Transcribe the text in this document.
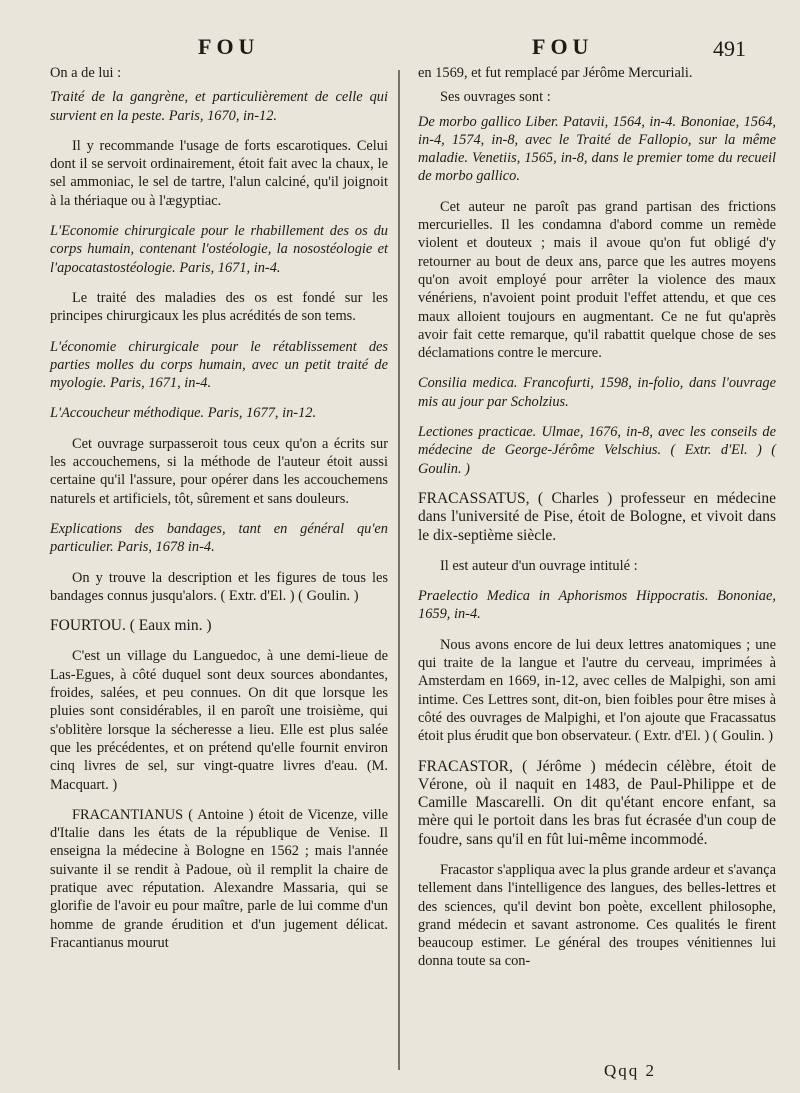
FOU	FOU	491

On a de lui :

Traité de la gangrène, et particulièrement de celle qui survient en la peste. Paris, 1670, in-12.

Il y recommande l'usage de forts escarotiques. Celui dont il se servoit ordinairement, étoit fait avec la chaux, le sel ammoniac, le sel de tartre, l'alun calciné, qu'il joignoit à la thériaque ou à l'ægyptiac.

L'Economie chirurgicale pour le rhabillement des os du corps humain, contenant l'ostéologie, la nosostéologie et l'apocatastostéologie. Paris, 1671, in-4.

Le traité des maladies des os est fondé sur les principes chirurgicaux les plus acrédités de son tems.

L'économie chirurgicale pour le rétablissement des parties molles du corps humain, avec un petit traité de myologie. Paris, 1671, in-4.

L'Accoucheur méthodique. Paris, 1677, in-12.

Cet ouvrage surpasseroit tous ceux qu'on a écrits sur les accouchemens, si la méthode de l'auteur étoit aussi certaine qu'il l'assure, pour opérer dans les accouchemens naturels et artificiels, tôt, sûrement et sans douleurs.

Explications des bandages, tant en général qu'en particulier. Paris, 1678 in-4.

On y trouve la description et les figures de tous les bandages connus jusqu'alors. ( Extr. d'El. ) ( Goulin. )

FOURTOU. ( Eaux min. )

C'est un village du Languedoc, à une demi-lieue de Las-Egues, à côté duquel sont deux sources abondantes, froides, salées, et peu connues. On dit que lorsque les pluies sont considérables, il en paroît une troisième, qui s'oblitère lorsque la sécheresse a lieu. Elle est plus salée que les précédentes, et on prétend qu'elle fournit environ cinq livres de sel, sur vingt-quatre livres d'eau. (M. Macquart. )

FRACANTIANUS ( Antoine ) étoit de Vicenze, ville d'Italie dans les états de la république de Venise. Il enseigna la médecine à Bologne en 1562 ; mais l'année suivante il se rendit à Padoue, où il remplit la chaire de pratique avec réputation. Alexandre Massaria, qui se glorifie de l'avoir eu pour maître, parle de lui comme d'un homme de grande érudition et d'un jugement délicat. Fracantianus mourut

en 1569, et fut remplacé par Jérôme Mercuriali.

Ses ouvrages sont :

De morbo gallico Liber. Patavii, 1564, in-4. Bononiae, 1564, in-4, 1574, in-8, avec le Traité de Fallopio, sur la même maladie. Venetiis, 1565, in-8, dans le premier tome du recueil de morbo gallico.

Cet auteur ne paroît pas grand partisan des frictions mercurielles. Il les condamna d'abord comme un remède violent et douteux ; mais il avoue qu'on fut obligé d'y retourner au bout de deux ans, parce que les autres moyens qu'on avoit employé pour arrêter la violence des maux vénériens, n'avoient point produit l'effet attendu, et que ces maux alloient toujours en augmentant. Ce ne fut qu'après avoir fait cette remarque, qu'il rabattit quelque chose de ses déclamations contre le mercure.

Consilia medica. Francofurti, 1598, in-folio, dans l'ouvrage mis au jour par Scholzius.

Lectiones practicae. Ulmae, 1676, in-8, avec les conseils de médecine de George-Jérôme Velschius. ( Extr. d'El. ) ( Goulin. )

FRACASSATUS, ( Charles ) professeur en médecine dans l'université de Pise, étoit de Bologne, et vivoit dans le dix-septième siècle.

Il est auteur d'un ouvrage intitulé :

Praelectio Medica in Aphorismos Hippocratis. Bononiae, 1659, in-4.

Nous avons encore de lui deux lettres anatomiques ; une qui traite de la langue et l'autre du cerveau, imprimées à Amsterdam en 1669, in-12, avec celles de Malpighi, son ami intime. Ces Lettres sont, dit-on, bien foibles pour être mises à côté des ouvrages de Malpighi, et l'on ajoute que Fracassatus étoit plus érudit que bon observateur. ( Extr. d'El. ) ( Goulin. )

FRACASTOR, ( Jérôme ) médecin célèbre, étoit de Vérone, où il naquit en 1483, de Paul-Philippe et de Camille Mascarelli. On dit qu'étant encore enfant, sa mère qui le portoit dans les bras fut écrasée d'un coup de foudre, sans qu'il en fût lui-même incommodé.

Fracastor s'appliqua avec la plus grande ardeur et s'avança tellement dans l'intelligence des langues, des belles-lettres et des sciences, qu'il devint bon poète, excellent philosophe, grand médecin et savant astronome. Ces qualités le firent beaucoup estimer. Le général des troupes vénitiennes lui donna toute sa con-

Qqq 2
